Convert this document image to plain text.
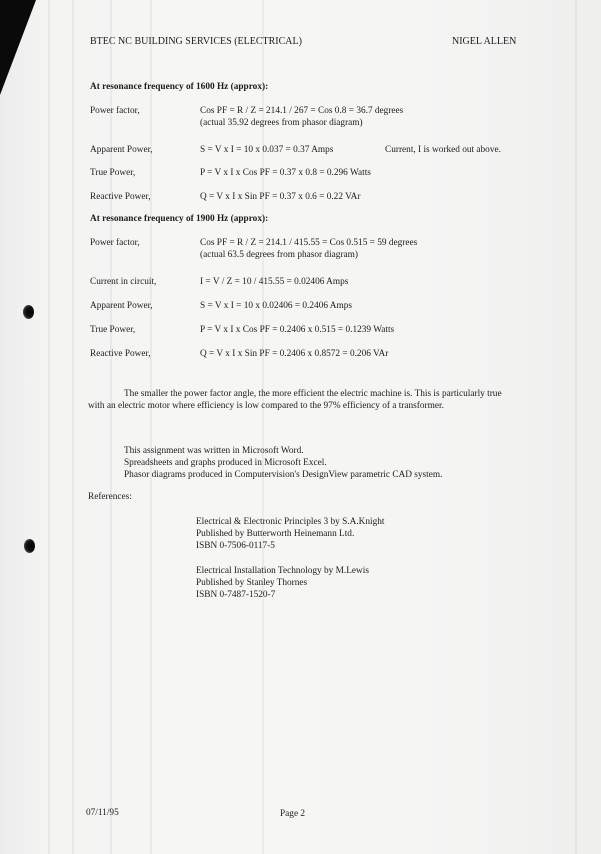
BTEC NC BUILDING SERVICES (ELECTRICAL)	NIGEL ALLEN
At resonance frequency of 1600 Hz (approx):
Power factor,	Cos PF = R / Z = 214.1 / 267 = Cos 0.8 = 36.7 degrees
(actual 35.92 degrees from phasor diagram)
Apparent Power,	S = V x I = 10 x 0.037 = 0.37 Amps	Current, I is worked out above.
True Power,	P = V x I x Cos PF = 0.37 x 0.8 = 0.296 Watts
Reactive Power,	Q = V x I x Sin PF = 0.37 x 0.6 = 0.22 VAr
At resonance frequency of 1900 Hz (approx):
Power factor,	Cos PF = R / Z = 214.1 / 415.55 = Cos 0.515 = 59 degrees
(actual 63.5 degrees from phasor diagram)
Current in circuit,	I = V / Z = 10 / 415.55 = 0.02406 Amps
Apparent Power,	S = V x I = 10 x 0.02406 = 0.2406 Amps
True Power,	P = V x I x Cos PF = 0.2406 x 0.515 = 0.1239 Watts
Reactive Power,	Q = V x I x Sin PF = 0.2406 x 0.8572 = 0.206 VAr
The smaller the power factor angle, the more efficient the electric machine is. This is particularly true with an electric motor where efficiency is low compared to the 97% efficiency of a transformer.
This assignment was written in Microsoft Word.
Spreadsheets and graphs produced in Microsoft Excel.
Phasor diagrams produced in Computervision's DesignView parametric CAD system.
References:
Electrical & Electronic Principles 3 by S.A.Knight
Published by Butterworth Heinemann Ltd.
ISBN 0-7506-0117-5
Electrical Installation Technology by M.Lewis
Published by Stanley Thornes
ISBN 0-7487-1520-7
07/11/95	Page 2
